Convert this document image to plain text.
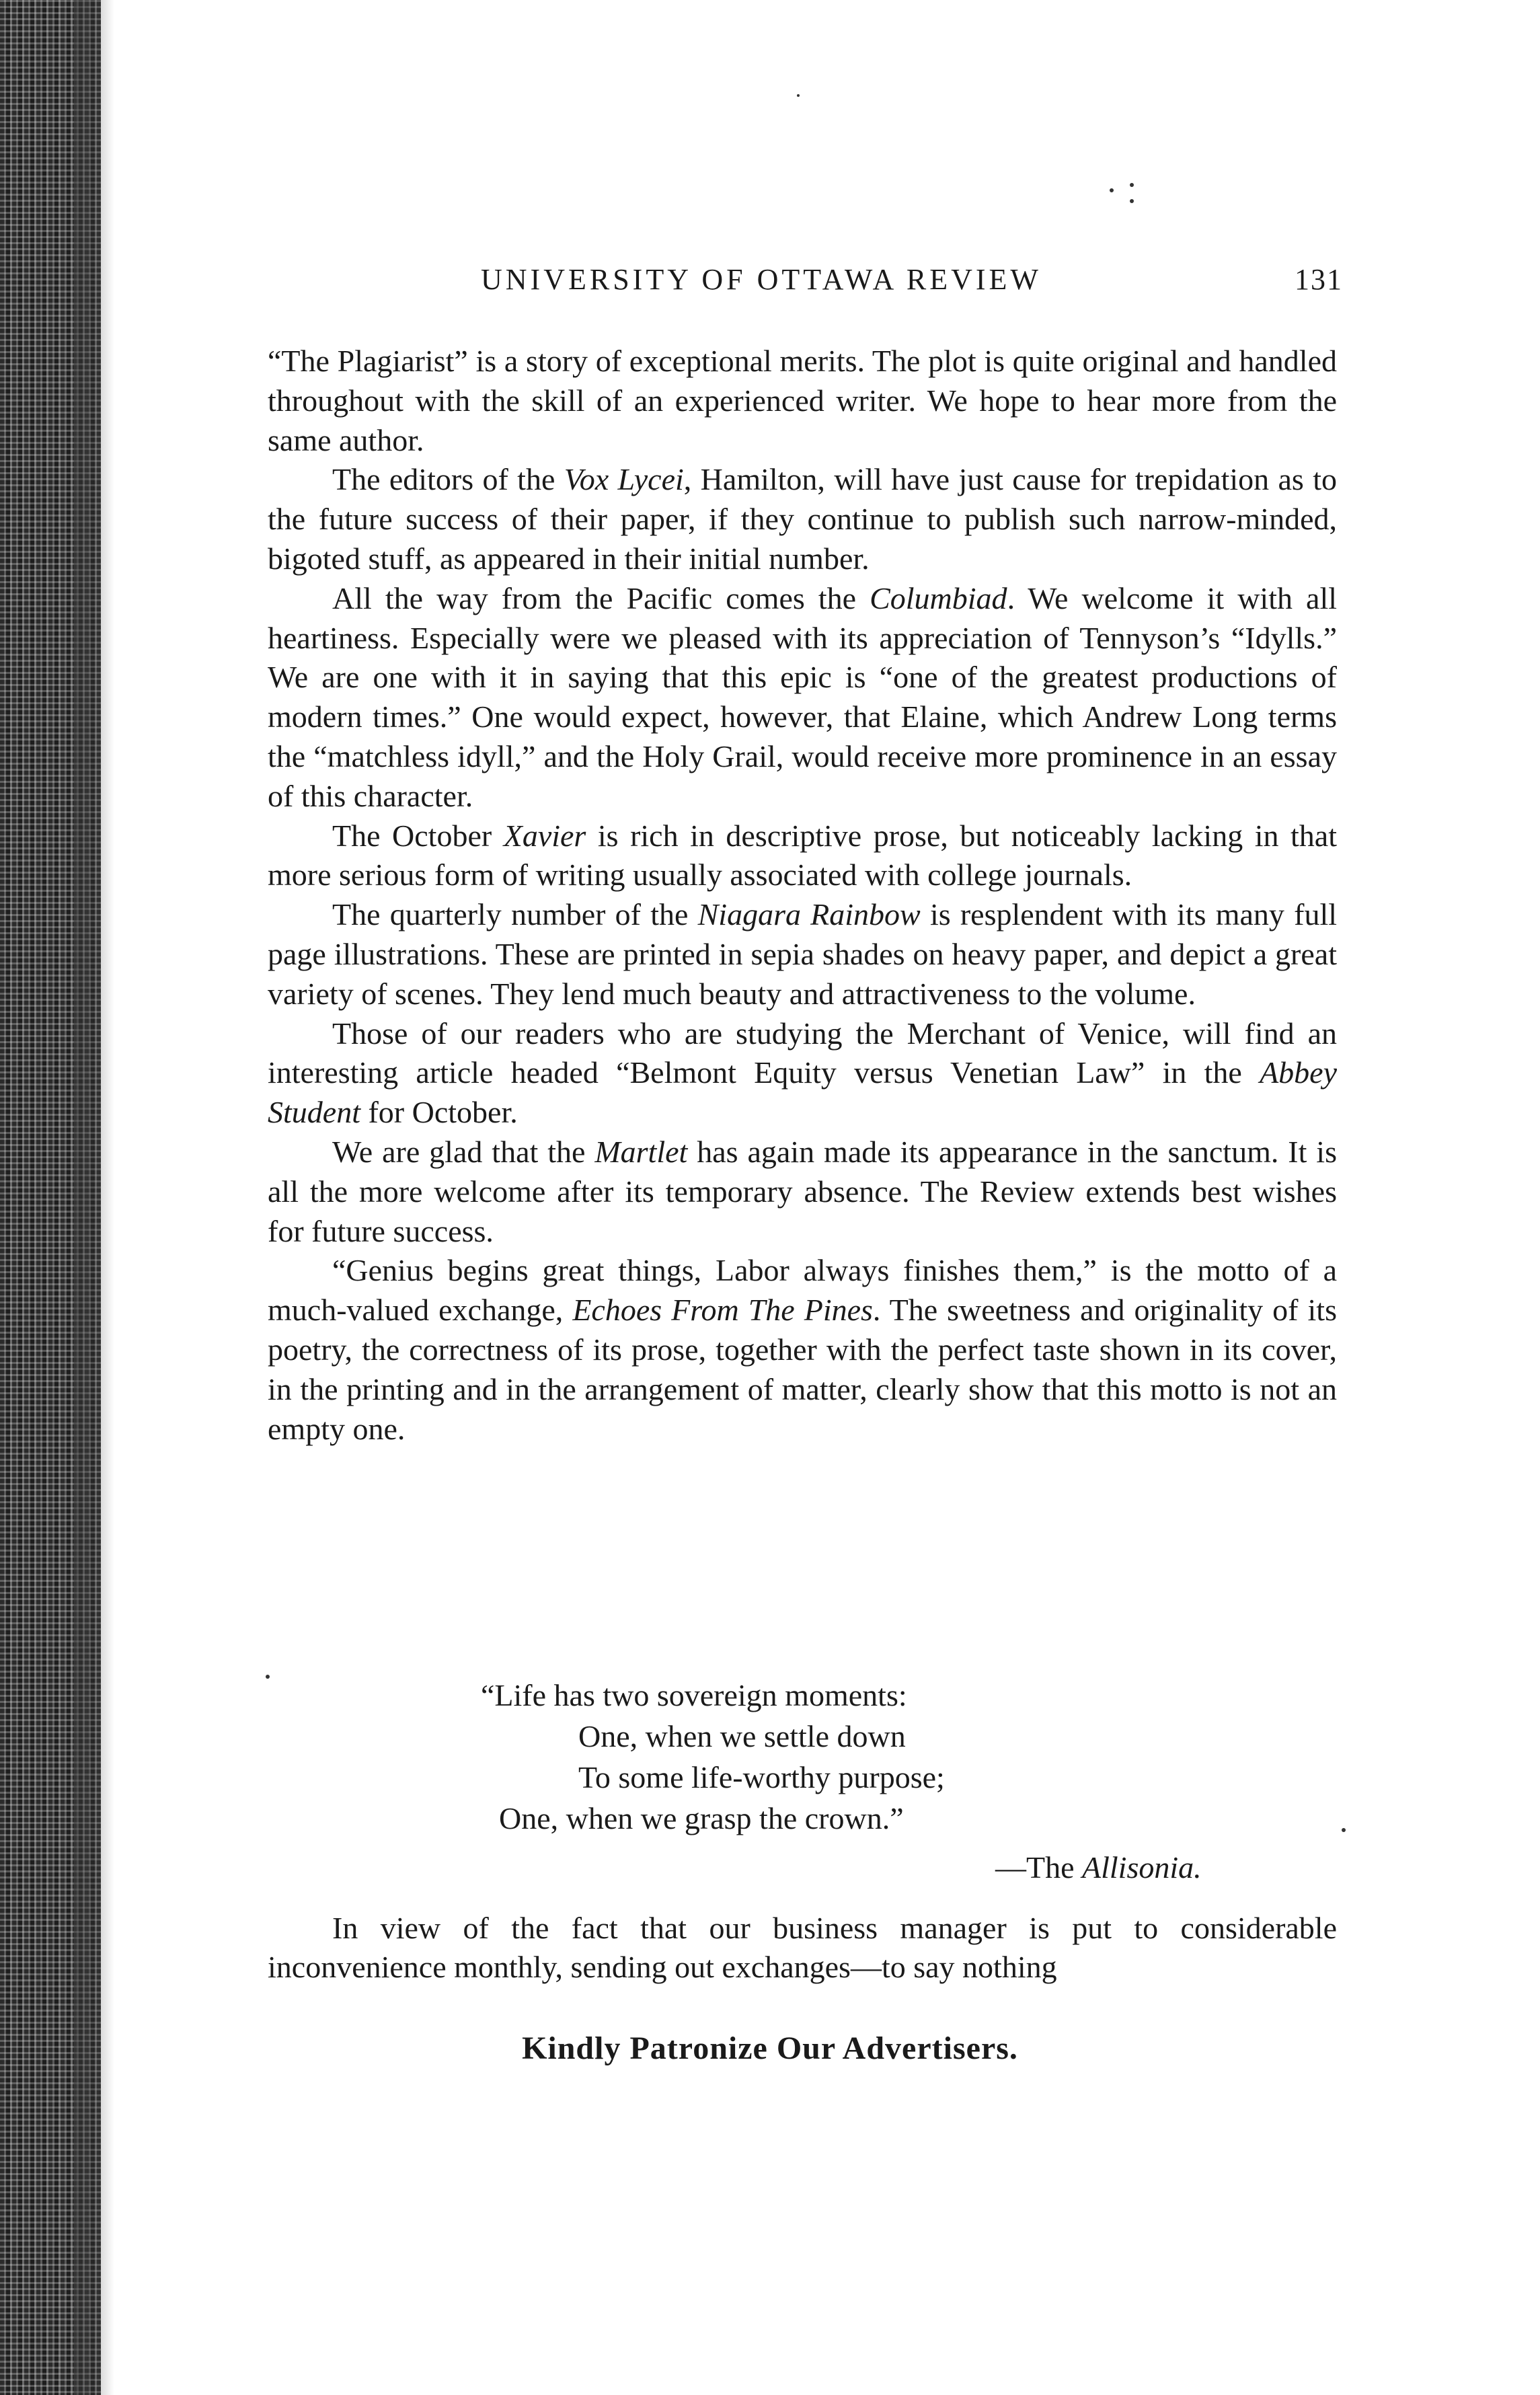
UNIVERSITY OF OTTAWA REVIEW	131

“The Plagiarist” is a story of exceptional merits. The plot is quite original and handled throughout with the skill of an experienced writer. We hope to hear more from the same author.

The editors of the Vox Lycei, Hamilton, will have just cause for trepidation as to the future success of their paper, if they continue to publish such narrow-minded, bigoted stuff, as appeared in their initial number.

All the way from the Pacific comes the Columbiad. We welcome it with all heartiness. Especially were we pleased with its appreciation of Tennyson’s “Idylls.” We are one with it in saying that this epic is “one of the greatest productions of modern times.” One would expect, however, that Elaine, which Andrew Long terms the “matchless idyll,” and the Holy Grail, would receive more prominence in an essay of this character.

The October Xavier is rich in descriptive prose, but noticeably lacking in that more serious form of writing usually associated with college journals.

The quarterly number of the Niagara Rainbow is resplendent with its many full page illustrations. These are printed in sepia shades on heavy paper, and depict a great variety of scenes. They lend much beauty and attractiveness to the volume.

Those of our readers who are studying the Merchant of Venice, will find an interesting article headed “Belmont Equity versus Venetian Law” in the Abbey Student for October.

We are glad that the Martlet has again made its appearance in the sanctum. It is all the more welcome after its temporary absence. The Review extends best wishes for future success.

“Genius begins great things, Labor always finishes them,” is the motto of a much-valued exchange, Echoes From The Pines. The sweetness and originality of its poetry, the correctness of its prose, together with the perfect taste shown in its cover, in the printing and in the arrangement of matter, clearly show that this motto is not an empty one.

“Life has two sovereign moments:
One, when we settle down
To some life-worthy purpose;
One, when we grasp the crown.”
—The Allisonia.

In view of the fact that our business manager is put to considerable inconvenience monthly, sending out exchanges—to say nothing

Kindly Patronize Our Advertisers.
